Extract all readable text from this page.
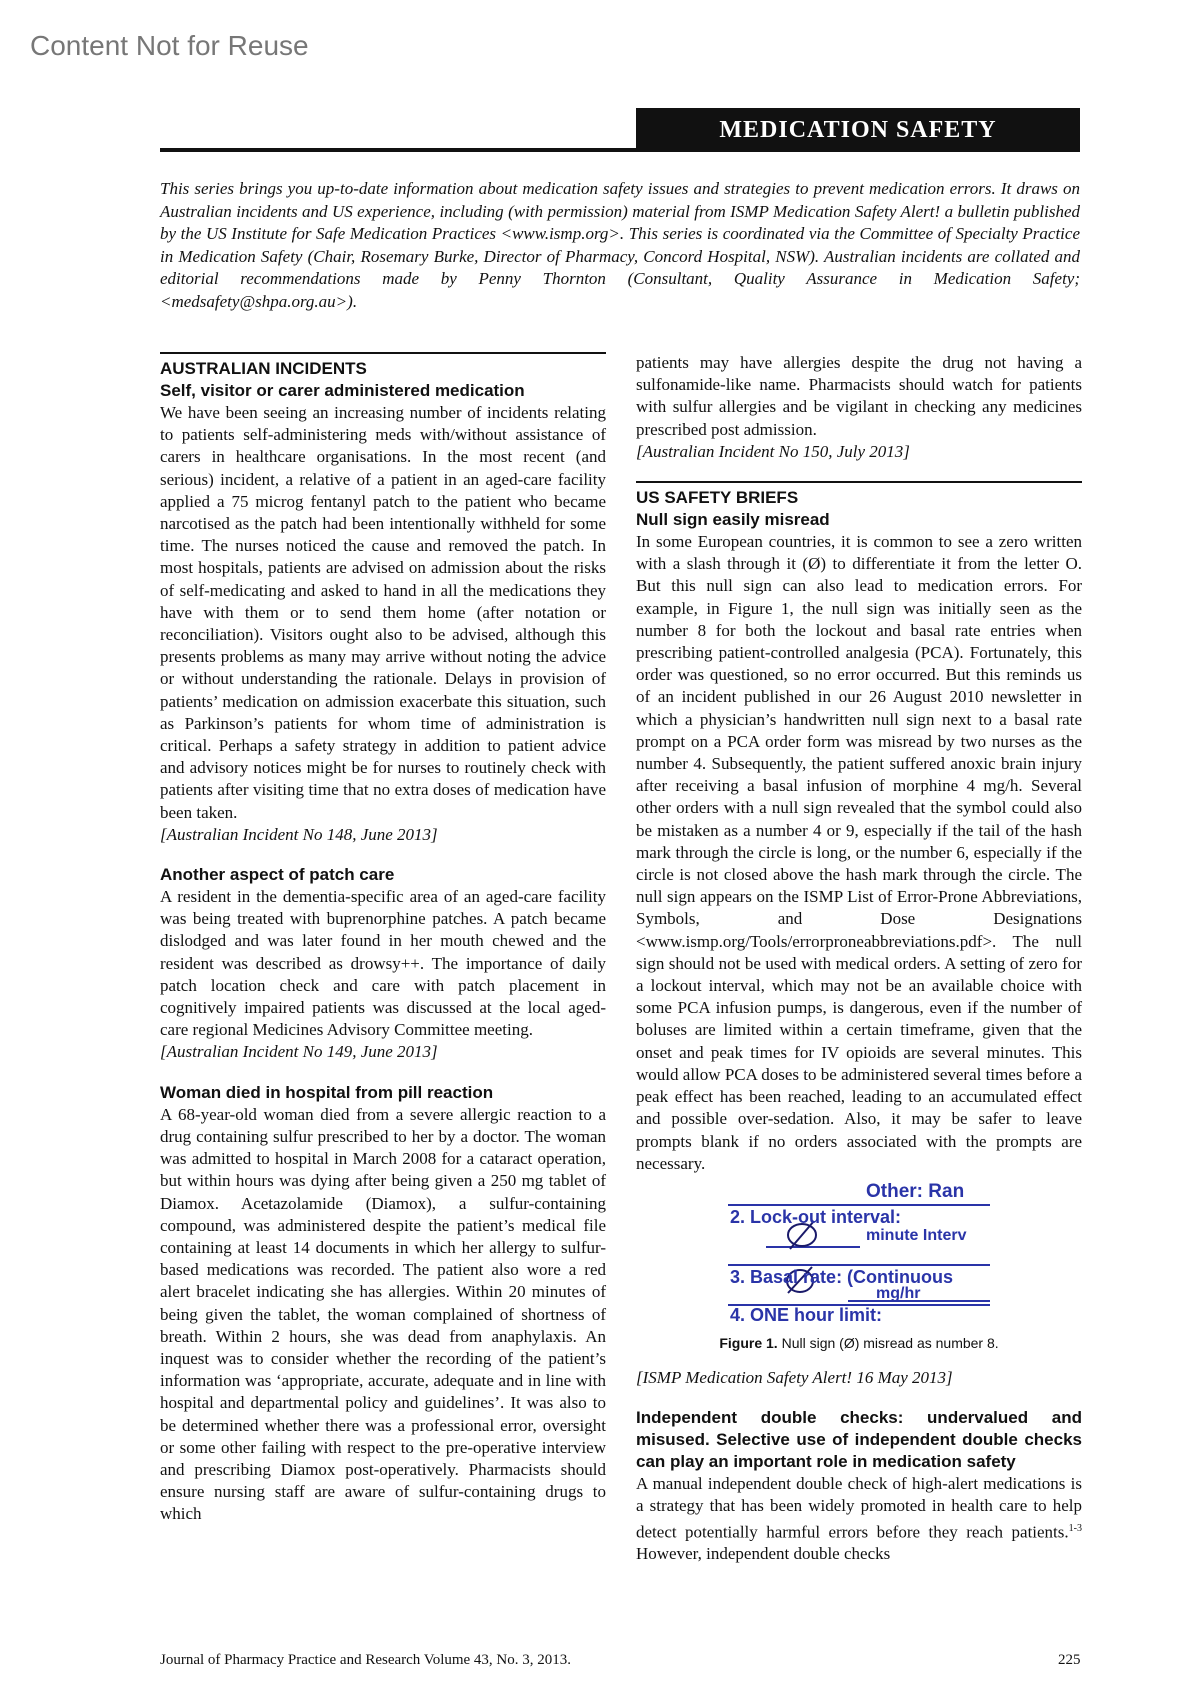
Content Not for Reuse
MEDICATION SAFETY
This series brings you up-to-date information about medication safety issues and strategies to prevent medication errors. It draws on Australian incidents and US experience, including (with permission) material from ISMP Medication Safety Alert! a bulletin published by the US Institute for Safe Medication Practices <www.ismp.org>. This series is coordinated via the Committee of Specialty Practice in Medication Safety (Chair, Rosemary Burke, Director of Pharmacy, Concord Hospital, NSW). Australian incidents are collated and editorial recommendations made by Penny Thornton (Consultant, Quality Assurance in Medication Safety; <medsafety@shpa.org.au>).
AUSTRALIAN INCIDENTS
Self, visitor or carer administered medication

We have been seeing an increasing number of incidents relating to patients self-administering meds with/without assistance of carers in healthcare organisations. In the most recent (and serious) incident, a relative of a patient in an aged-care facility applied a 75 microg fentanyl patch to the patient who became narcotised as the patch had been intentionally withheld for some time. The nurses noticed the cause and removed the patch. In most hospitals, patients are advised on admission about the risks of self-medicating and asked to hand in all the medications they have with them or to send them home (after notation or reconciliation). Visitors ought also to be advised, although this presents problems as many may arrive without noting the advice or without understanding the rationale. Delays in provision of patients’ medication on admission exacerbate this situation, such as Parkinson’s patients for whom time of administration is critical. Perhaps a safety strategy in addition to patient advice and advisory notices might be for nurses to routinely check with patients after visiting time that no extra doses of medication have been taken.

[Australian Incident No 148, June 2013]

Another aspect of patch care

A resident in the dementia-specific area of an aged-care facility was being treated with buprenorphine patches. A patch became dislodged and was later found in her mouth chewed and the resident was described as drowsy++. The importance of daily patch location check and care with patch placement in cognitively impaired patients was discussed at the local aged-care regional Medicines Advisory Committee meeting.

[Australian Incident No 149, June 2013]

Woman died in hospital from pill reaction

A 68-year-old woman died from a severe allergic reaction to a drug containing sulfur prescribed to her by a doctor. The woman was admitted to hospital in March 2008 for a cataract operation, but within hours was dying after being given a 250 mg tablet of Diamox. Acetazolamide (Diamox), a sulfur-containing compound, was administered despite the patient’s medical file containing at least 14 documents in which her allergy to sulfur-based medications was recorded. The patient also wore a red alert bracelet indicating she has allergies. Within 20 minutes of being given the tablet, the woman complained of shortness of breath. Within 2 hours, she was dead from anaphylaxis. An inquest was to consider whether the recording of the patient’s information was ‘appropriate, accurate, adequate and in line with hospital and departmental policy and guidelines’. It was also to be determined whether there was a professional error, oversight or some other failing with respect to the pre-operative interview and prescribing Diamox post-operatively. Pharmacists should ensure nursing staff are aware of sulfur-containing drugs to which

patients may have allergies despite the drug not having a sulfonamide-like name. Pharmacists should watch for patients with sulfur allergies and be vigilant in checking any medicines prescribed post admission.

[Australian Incident No 150, July 2013]

US SAFETY BRIEFS
Null sign easily misread

In some European countries, it is common to see a zero written with a slash through it (Ø) to differentiate it from the letter O. But this null sign can also lead to medication errors. For example, in Figure 1, the null sign was initially seen as the number 8 for both the lockout and basal rate entries when prescribing patient-controlled analgesia (PCA). Fortunately, this order was questioned, so no error occurred. But this reminds us of an incident published in our 26 August 2010 newsletter in which a physician’s handwritten null sign next to a basal rate prompt on a PCA order form was misread by two nurses as the number 4. Subsequently, the patient suffered anoxic brain injury after receiving a basal infusion of morphine 4 mg/h. Several other orders with a null sign revealed that the symbol could also be mistaken as a number 4 or 9, especially if the tail of the hash mark through the circle is long, or the number 6, especially if the circle is not closed above the hash mark through the circle. The null sign appears on the ISMP List of Error-Prone Abbreviations, Symbols, and Dose Designations <www.ismp.org/Tools/errorproneabbreviations.pdf>. The null sign should not be used with medical orders. A setting of zero for a lockout interval, which may not be an available choice with some PCA infusion pumps, is dangerous, even if the number of boluses are limited within a certain timeframe, given that the onset and peak times for IV opioids are several minutes. This would allow PCA doses to be administered several times before a peak effect has been reached, leading to an accumulated effect and possible over-sedation. Also, it may be safer to leave prompts blank if no orders associated with the prompts are necessary.

Other: Ran
2. Lock-out interval:
minute Interv
3. Basal rate: (Continuous
mg/hr
4. ONE hour limit:
Figure 1. Null sign (Ø) misread as number 8.

[ISMP Medication Safety Alert! 16 May 2013]

Independent double checks: undervalued and misused. Selective use of independent double checks can play an important role in medication safety

A manual independent double check of high-alert medications is a strategy that has been widely promoted in health care to help detect potentially harmful errors before they reach patients.$^{1-3}$ However, independent double checks

Journal of Pharmacy Practice and Research Volume 43, No. 3, 2013.	225
